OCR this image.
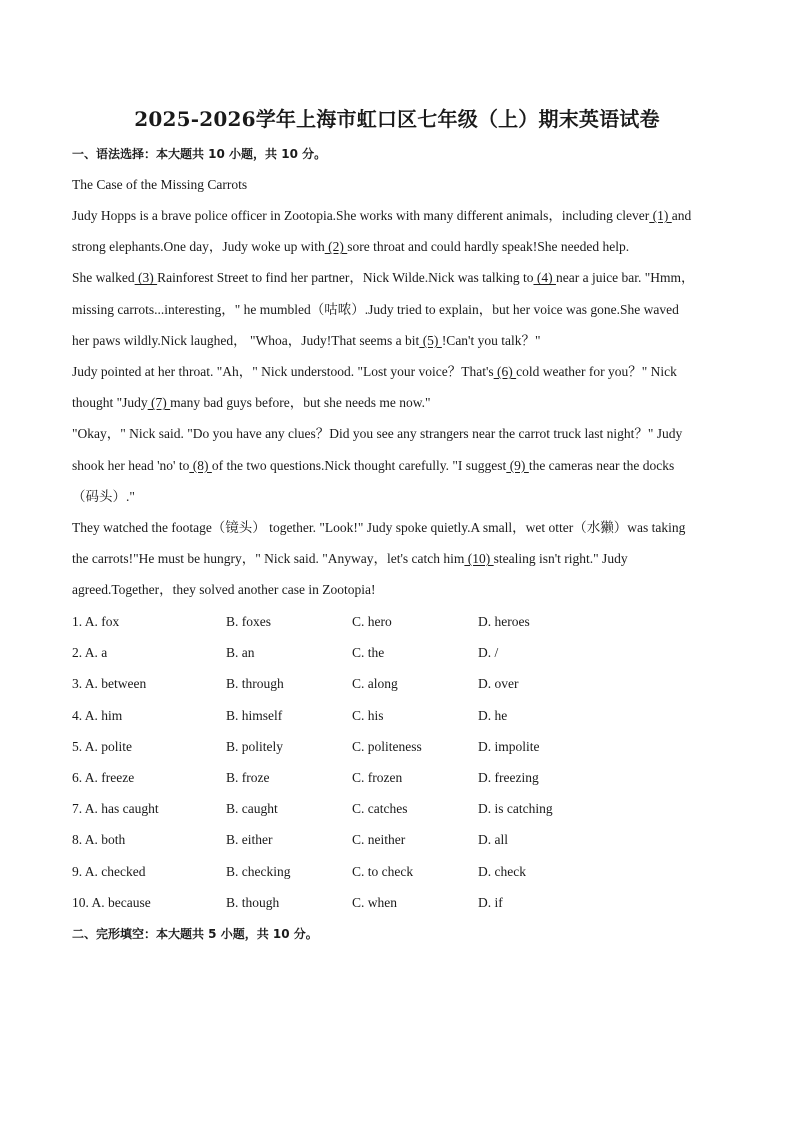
2025-2026学年上海市虹口区七年级（上）期末英语试卷
一、语法选择：本大题共 10 小题，共 10 分。
The Case of the Missing Carrots
Judy Hopps is a brave police officer in Zootopia.She works with many different animals，including clever (1) and
strong elephants.One day，Judy woke up with (2) sore throat and could hardly speak!She needed help.
She walked (3) Rainforest Street to find her partner，Nick Wilde.Nick was talking to (4) near a juice bar. "Hmm，
missing carrots...interesting，" he mumbled（咕哝）.Judy tried to explain，but her voice was gone.She waved
her paws wildly.Nick laughed， "Whoa，Judy!That seems a bit (5) !Can't you talk？"
Judy pointed at her throat. "Ah，" Nick understood. "Lost your voice？That's (6) cold weather for you？" Nick
thought "Judy (7) many bad guys before，but she needs me now."
"Okay，" Nick said. "Do you have any clues？Did you see any strangers near the carrot truck last night？" Judy
shook her head 'no' to (8) of the two questions.Nick thought carefully. "I suggest (9) the cameras near the docks
（码头）."
They watched the footage（镜头） together. "Look!" Judy spoke quietly.A small，wet otter（水獭）was taking
the carrots!"He must be hungry，" Nick said. "Anyway，let's catch him (10) stealing isn't right." Judy
agreed.Together，they solved another case in Zootopia!
1. A. fox	B. foxes	C. hero	D. heroes
2. A. a	B. an	C. the	D. /
3. A. between	B. through	C. along	D. over
4. A. him	B. himself	C. his	D. he
5. A. polite	B. politely	C. politeness	D. impolite
6. A. freeze	B. froze	C. frozen	D. freezing
7. A. has caught	B. caught	C. catches	D. is catching
8. A. both	B. either	C. neither	D. all
9. A. checked	B. checking	C. to check	D. check
10. A. because	B. though	C. when	D. if
二、完形填空：本大题共 5 小题，共 10 分。
